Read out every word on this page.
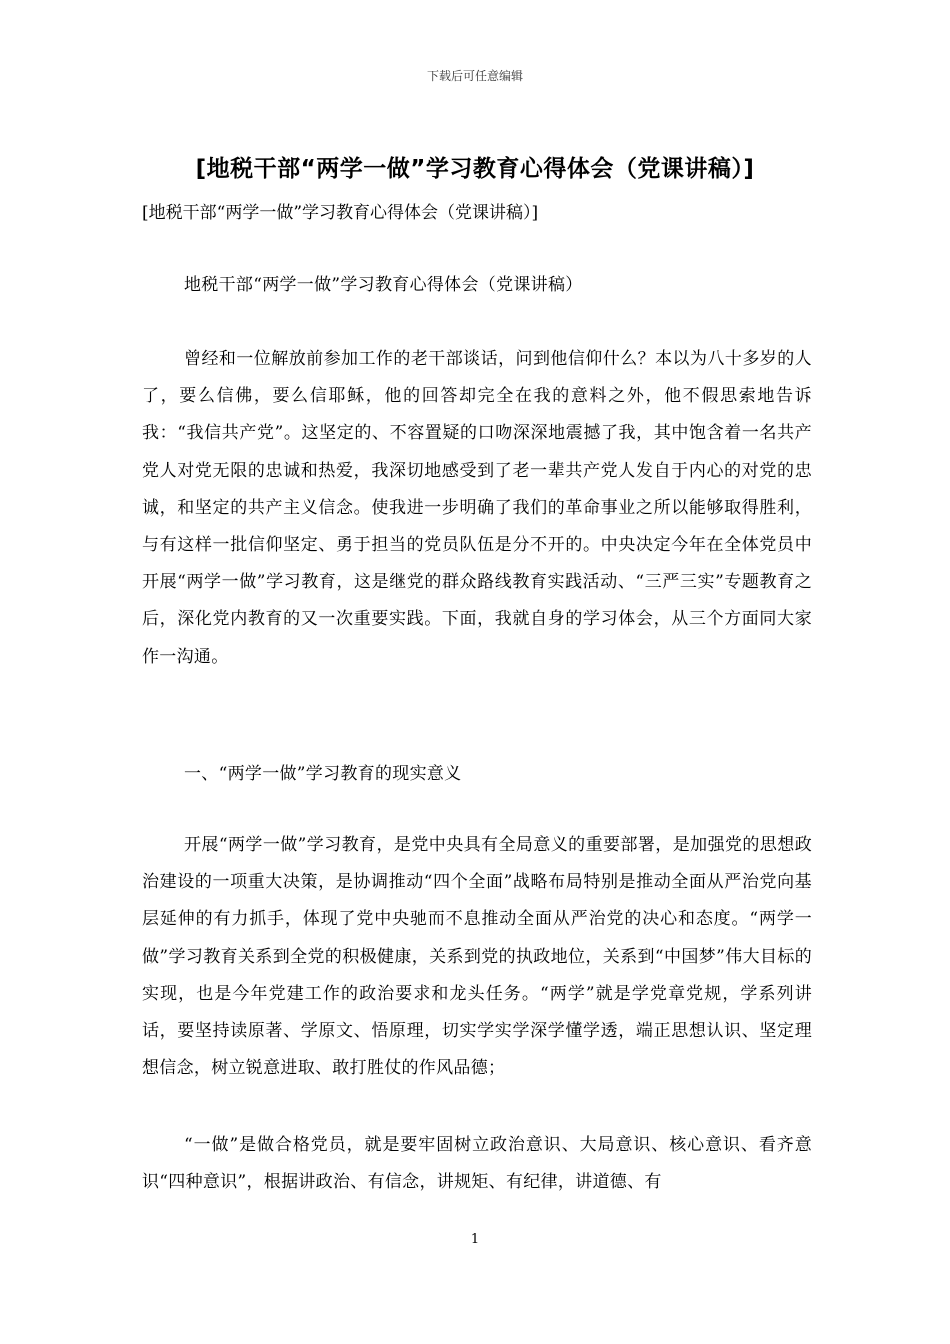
下载后可任意编辑
[地税干部“两学一做”学习教育心得体会（党课讲稿）]
[地税干部“两学一做”学习教育心得体会（党课讲稿）]
地税干部“两学一做”学习教育心得体会（党课讲稿）
曾经和一位解放前参加工作的老干部谈话，问到他信仰什么？本以为八十多岁的人了，要么信佛，要么信耶稣，他的回答却完全在我的意料之外，他不假思索地告诉我：“我信共产党”。这坚定的、不容置疑的口吻深深地震撼了我，其中饱含着一名共产党人对党无限的忠诚和热爱，我深切地感受到了老一辈共产党人发自于内心的对党的忠诚，和坚定的共产主义信念。使我进一步明确了我们的革命事业之所以能够取得胜利，与有这样一批信仰坚定、勇于担当的党员队伍是分不开的。中央决定今年在全体党员中开展“两学一做”学习教育，这是继党的群众路线教育实践活动、“三严三实”专题教育之后，深化党内教育的又一次重要实践。下面，我就自身的学习体会，从三个方面同大家作一沟通。
一、“两学一做”学习教育的现实意义
开展“两学一做”学习教育，是党中央具有全局意义的重要部署，是加强党的思想政治建设的一项重大决策，是协调推动“四个全面”战略布局特别是推动全面从严治党向基层延伸的有力抓手，体现了党中央驰而不息推动全面从严治党的决心和态度。“两学一做”学习教育关系到全党的积极健康，关系到党的执政地位，关系到“中国梦”伟大目标的实现，也是今年党建工作的政治要求和龙头任务。“两学”就是学党章党规，学系列讲话，要坚持读原著、学原文、悟原理，切实学实学深学懂学透，端正思想认识、坚定理想信念，树立锐意进取、敢打胜仗的作风品德；
“一做”是做合格党员，就是要牢固树立政治意识、大局意识、核心意识、看齐意识“四种意识”，根据讲政治、有信念，讲规矩、有纪律，讲道德、有
1
